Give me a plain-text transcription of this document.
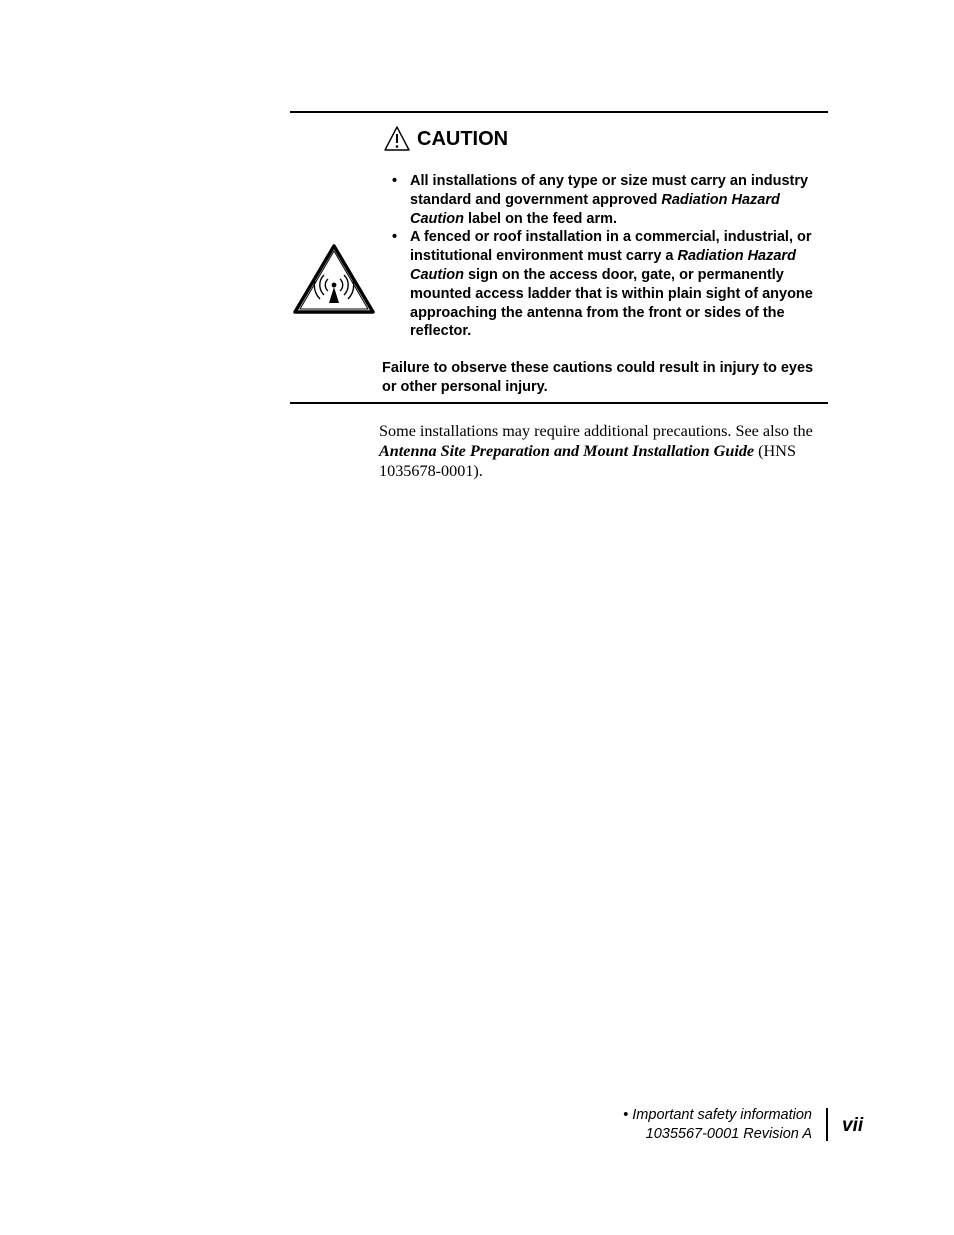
CAUTION
• All installations of any type or size must carry an industry standard and government approved Radiation Hazard Caution label on the feed arm.
• A fenced or roof installation in a commercial, industrial, or institutional environment must carry a Radiation Hazard Caution sign on the access door, gate, or permanently mounted access ladder that is within plain sight of anyone approaching the antenna from the front or sides of the reflector.

Failure to observe these cautions could result in injury to eyes or other personal injury.

Some installations may require additional precautions. See also the Antenna Site Preparation and Mount Installation Guide (HNS 1035678-0001).

• Important safety information
1035567-0001 Revision A vii
